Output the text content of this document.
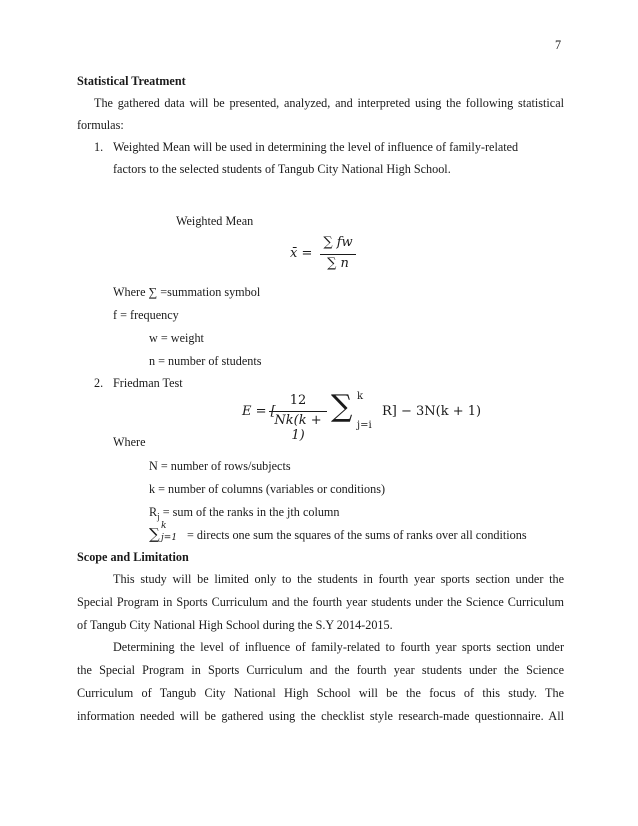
7
Statistical Treatment
The gathered data will be presented, analyzed, and interpreted using the following statistical
formulas:
1. Weighted Mean will be used in determining the level of influence of family-related
factors to the selected students of Tangub City National High School.
Weighted Mean
x̄ =
∑ fw
∑ n
Where ∑ =summation symbol
f = frequency
w = weight
n = number of students
2. Friedman Test
E = [
12
Nk(k + 1)
∑ k
j=i
R] − 3N(k + 1)
Where
N = number of rows/subjects
k = number of columns (variables or conditions)
$R_j$ = sum of the ranks in the jth column
∑ k
j=1 = directs one sum the squares of the sums of ranks over all conditions
Scope and Limitation
This study will be limited only to the students in fourth year sports section under the
Special Program in Sports Curriculum and the fourth year students under the Science Curriculum
of Tangub City National High School during the S.Y 2014-2015.
Determining the level of influence of family-related to fourth year sports section under
the Special Program in Sports Curriculum and the fourth year students under the Science
Curriculum of Tangub City National High School will be the focus of this study. The
information needed will be gathered using the checklist style research-made questionnaire. All
